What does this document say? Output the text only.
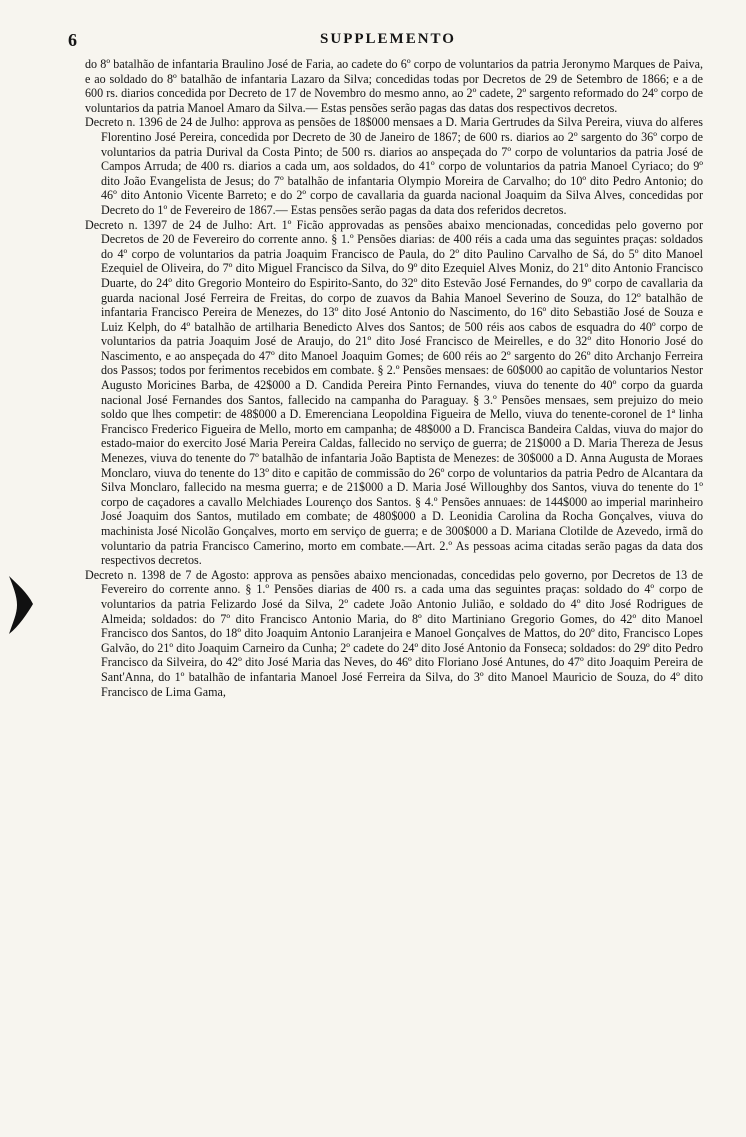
6	SUPPLEMENTO

do 8º batalhão de infantaria Braulino José de Faria, ao cadete do 6º corpo de voluntarios da patria Jeronymo Marques de Paiva, e ao soldado do 8º batalhão de infantaria Lazaro da Silva; concedidas todas por Decretos de 29 de Setembro de 1866; e a de 600 rs. diarios concedida por Decreto de 17 de Novembro do mesmo anno, ao 2º cadete, 2º sargento reformado do 24º corpo de voluntarios da patria Manoel Amaro da Silva.— Estas pensões serão pagas das datas dos respectivos decretos.

Decreto n. 1396 de 24 de Julho: approva as pensões de 18$000 mensaes a D. Maria Gertrudes da Silva Pereira, viuva do alferes Florentino José Pereira, concedida por Decreto de 30 de Janeiro de 1867; de 600 rs. diarios ao 2º sargento do 36º corpo de voluntarios da patria Durival da Costa Pinto; de 500 rs. diarios ao anspeçada do 7º corpo de voluntarios da patria José de Campos Arruda; de 400 rs. diarios a cada um, aos soldados, do 41º corpo de voluntarios da patria Manoel Cyriaco; do 9º dito João Evangelista de Jesus; do 7º batalhão de infantaria Olympio Moreira de Carvalho; do 10º dito Pedro Antonio; do 46º dito Antonio Vicente Barreto; e do 2º corpo de cavallaria da guarda nacional Joaquim da Silva Alves, concedidas por Decreto do 1º de Fevereiro de 1867.— Estas pensões serão pagas da data dos referidos decretos.

Decreto n. 1397 de 24 de Julho: Art. 1º Ficão approvadas as pensões abaixo mencionadas, concedidas pelo governo por Decretos de 20 de Fevereiro do corrente anno. § 1.º Pensões diarias: de 400 réis a cada uma das seguintes praças: soldados do 4º corpo de voluntarios da patria Joaquim Francisco de Paula, do 2º dito Paulino Carvalho de Sá, do 5º dito Manoel Ezequiel de Oliveira, do 7º dito Miguel Francisco da Silva, do 9º dito Ezequiel Alves Moniz, do 21º dito Antonio Francisco Duarte, do 24º dito Gregorio Monteiro do Espirito-Santo, do 32º dito Estevão José Fernandes, do 9º corpo de cavallaria da guarda nacional José Ferreira de Freitas, do corpo de zuavos da Bahia Manoel Severino de Souza, do 12º batalhão de infantaria Francisco Pereira de Menezes, do 13º dito José Antonio do Nascimento, do 16º dito Sebastião José de Souza e Luiz Kelph, do 4º batalhão de artilharia Benedicto Alves dos Santos; de 500 réis aos cabos de esquadra do 40º corpo de voluntarios da patria Joaquim José de Araujo, do 21º dito José Francisco de Meirelles, e do 32º dito Honorio José do Nascimento, e ao anspeçada do 47º dito Manoel Joaquim Gomes; de 600 réis ao 2º sargento do 26º dito Archanjo Ferreira dos Passos; todos por ferimentos recebidos em combate. § 2.º Pensões mensaes: de 60$000 ao capitão de voluntarios Nestor Augusto Moricines Barba, de 42$000 a D. Candida Pereira Pinto Fernandes, viuva do tenente do 40º corpo da guarda nacional José Fernandes dos Santos, fallecido na campanha do Paraguay. § 3.º Pensões mensaes, sem prejuizo do meio soldo que lhes competir: de 48$000 a D. Emerenciana Leopoldina Figueira de Mello, viuva do tenente-coronel de 1ª linha Francisco Frederico Figueira de Mello, morto em campanha; de 48$000 a D. Francisca Bandeira Caldas, viuva do major do estado-maior do exercito José Maria Pereira Caldas, fallecido no serviço de guerra; de 21$000 a D. Maria Thereza de Jesus Menezes, viuva do tenente do 7º batalhão de infantaria João Baptista de Menezes: de 30$000 a D. Anna Augusta de Moraes Monclaro, viuva do tenente do 13º dito e capitão de commissão do 26º corpo de voluntarios da patria Pedro de Alcantara da Silva Monclaro, fallecido na mesma guerra; e de 21$000 a D. Maria José Willoughby dos Santos, viuva do tenente do 1º corpo de caçadores a cavallo Melchiades Lourenço dos Santos. § 4.º Pensões annuaes: de 144$000 ao imperial marinheiro José Joaquim dos Santos, mutilado em combate; de 480$000 a D. Leonidia Carolina da Rocha Gonçalves, viuva do machinista José Nicolão Gonçalves, morto em serviço de guerra; e de 300$000 a D. Mariana Clotilde de Azevedo, irmã do voluntario da patria Francisco Camerino, morto em combate.—Art. 2.º As pessoas acima citadas serão pagas da data dos respectivos decretos.

Decreto n. 1398 de 7 de Agosto: approva as pensões abaixo mencionadas, concedidas pelo governo, por Decretos de 13 de Fevereiro do corrente anno. § 1.º Pensões diarias de 400 rs. a cada uma das seguintes praças: soldado do 4º corpo de voluntarios da patria Felizardo José da Silva, 2º cadete João Antonio Julião, e soldado do 4º dito José Rodrigues de Almeida; soldados: do 7º dito Francisco Antonio Maria, do 8º dito Martiniano Gregorio Gomes, do 42º dito Manoel Francisco dos Santos, do 18º dito Joaquim Antonio Laranjeira e Manoel Gonçalves de Mattos, do 20º dito, Francisco Lopes Galvão, do 21º dito Joaquim Carneiro da Cunha; 2º cadete do 24º dito José Antonio da Fonseca; soldados: do 29º dito Pedro Francisco da Silveira, do 42º dito José Maria das Neves, do 46º dito Floriano José Antunes, do 47º dito Joaquim Pereira de Sant'Anna, do 1º batalhão de infantaria Manoel José Ferreira da Silva, do 3º dito Manoel Mauricio de Souza, do 4º dito Francisco de Lima Gama,
